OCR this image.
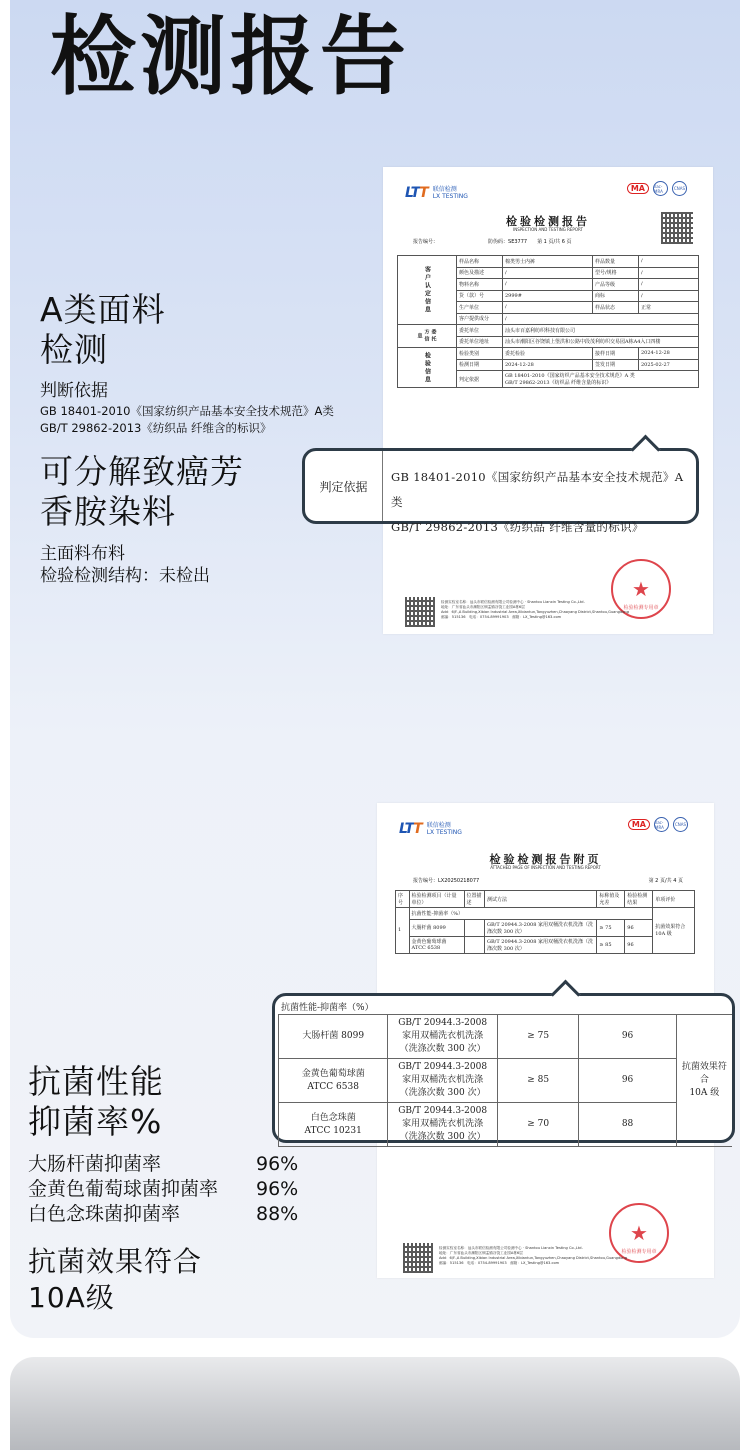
检测报告
LTT 联信检测
LX TESTING
MA	ilac-MRA	CNAS
检验检测报告
INSPECTION AND TESTING REPORT
报告编号：	防伪码：SE3777 第 1 页/共 6 页
客户认定信息	样品名称	棉类男士内裤	样品数量	/
	颜色及描述	/	型号/规格	/
	物料名称	/	产品等级	/
	货（款）号	2999#	商标	/
	生产单位	/	样品状态	正常
	客户提供成分	/		
委托方信息	委托单位	汕头市百嘉利纺织科技有限公司		
	委托单位地址	汕头市潮阳区谷饶镇上堡洪和公路中段茂利纺织交易园A栋A4入口四楼		
检验信息	检验类别	委托检验	接样日期	2024-12-28
	检测日期	2024-12-28	签发日期	2025-02-27
	判定依据	GB 18401-2010《国家纺织产品基本安全技术规范》A 类
GB/T 29862-2013《纺织品 纤维含量的标识》		
★
检验检测专用章
检测实验室名称：汕头市联信检测有限公司检测中心 · Shantou Lianxin Testing Co.,Ltd.
地址：广东省汕头市潮阳区铜盂镇谷饶工业园A栋6层
Add：6/F.,A Building,Xibian Industrial Area,Xibiantun,Tongyuzhen,Chaoyang District,Shantou,Guangdong
邮编：515136　电话：0754-89991903　邮箱：LX_Testing@163.com
判定依据
GB 18401-2010《国家纺织产品基本安全技术规范》A 类
GB/T 29862-2013《纺织品 纤维含量的标识》
A类面料
检测
判断依据
GB 18401-2010《国家纺织产品基本安全技术规范》A类
GB/T 29862-2013《纺织品 纤维含的标识》
可分解致癌芳
香胺染料
主面料布料
检验检测结构：未检出
LTT 联信检测
LX TESTING
MA	ilac-MRA	CNAS
检验检测报告附页
ATTACHED PAGE OF INSPECTION AND TESTING REPORT
报告编号：LX20250218077	第 2 页/共 4 页
序号	检验检测项目（计量单位）	位置描述	测试方法	标称值及允差	检验检测结果	单项评价
1	抗菌性能-抑菌率（%）					抗菌效果符合 10A 级
	大肠杆菌 8099		GB/T 20944.3-2008 家用双桶洗衣机洗涤（洗涤次数 300 次）	≥ 75	96	
	金黄色葡萄球菌 ATCC 6538		GB/T 20944.3-2008 家用双桶洗衣机洗涤（洗涤次数 300 次）	≥ 85	96	
★
检验检测专用章
检测实验室名称：汕头市联信检测有限公司检测中心 · Shantou Lianxin Testing Co.,Ltd.
地址：广东省汕头市潮阳区铜盂镇谷饶工业园A栋6层
Add：6/F.,A Building,Xibian Industrial Area,Xibiantun,Tongyuzhen,Chaoyang District,Shantou,Guangdong
邮编：515136　电话：0754-89991903　邮箱：LX_Testing@163.com
抗菌性能-抑菌率（%）
大肠杆菌 8099	GB/T 20944.3-2008
家用双桶洗衣机洗涤
（洗涤次数 300 次）	≥ 75	96	抗菌效果符合
10A 级
金黄色葡萄球菌
ATCC 6538	GB/T 20944.3-2008
家用双桶洗衣机洗涤
（洗涤次数 300 次）	≥ 85	96	
白色念珠菌
ATCC 10231	GB/T 20944.3-2008
家用双桶洗衣机洗涤
（洗涤次数 300 次）	≥ 70	88	
抗菌性能
抑菌率%
大肠杆菌抑菌率	96%
金黄色葡萄球菌抑菌率 96%
白色念珠菌抑菌率	88%
抗菌效果符合
10A级
